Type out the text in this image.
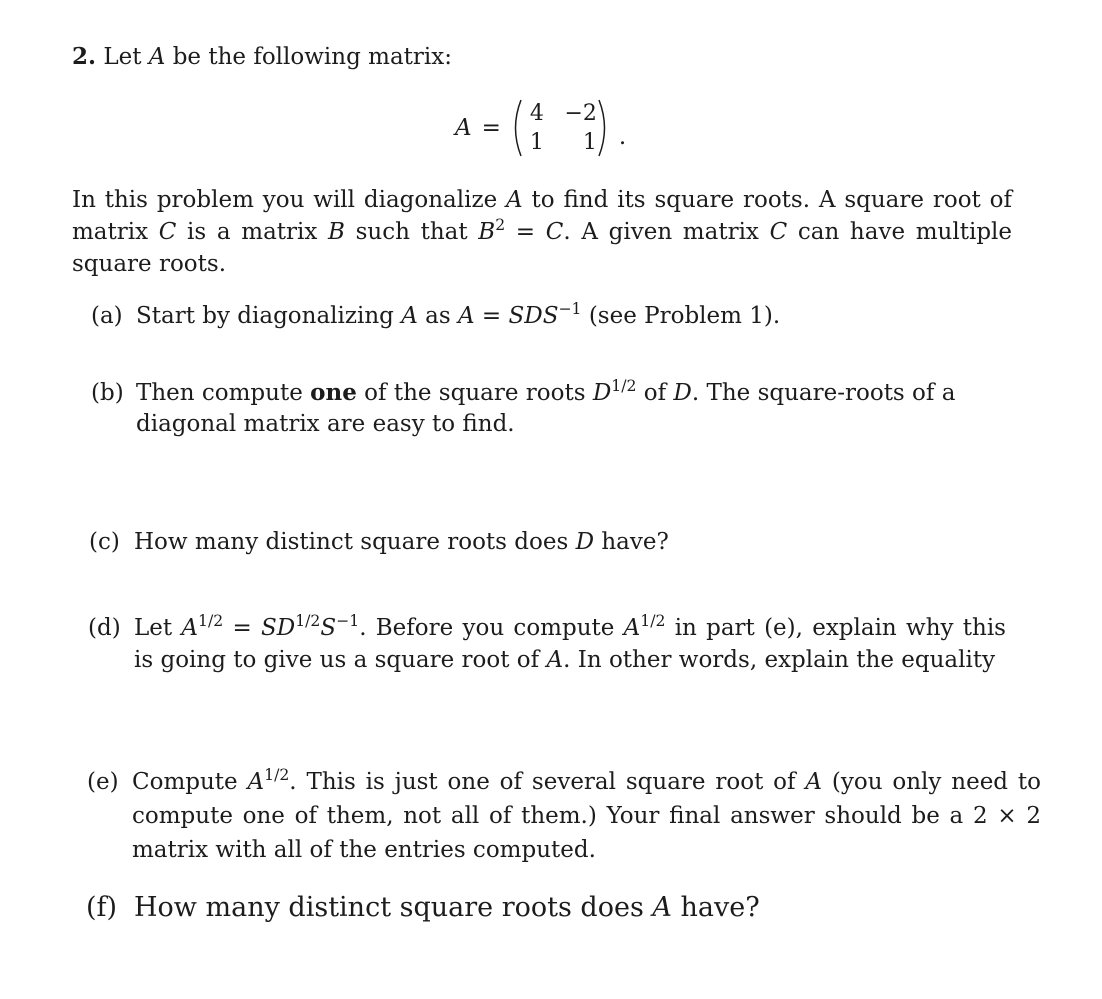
2. Let A be the following matrix:
A =
4 −2
1	1 .
In this problem you will diagonalize A to find its square roots. A square root of
matrix C is a matrix B such that $B^2 = C$. A given matrix C can have multiple
square roots.
(a) Start by diagonalizing A as $A = SDS^{-1}$ (see Problem 1).
(b) Then compute one of the square roots $D^{1/2}$ of D. The square-roots of a
diagonal matrix are easy to find.
(c) How many distinct square roots does D have?
(d) Let $A^{1/2} = SD^{1/2}S^{-1}$. Before you compute $A^{1/2}$ in part (e), explain why this
is going to give us a square root of A. In other words, explain the equality
(e) Compute $A^{1/2}$. This is just one of several square root of A (you only need to
compute one of them, not all of them.) Your final answer should be a 2 × 2
matrix with all of the entries computed.
(f) How many distinct square roots does A have?
